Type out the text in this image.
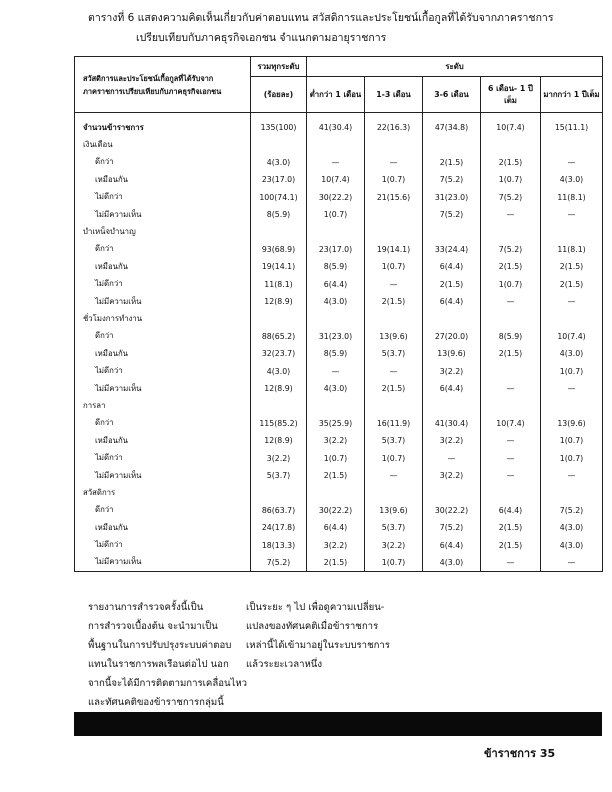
ตารางที่ 6 แสดงความคิดเห็นเกี่ยวกับค่าตอบแทน สวัสดิการและประโยชน์เกื้อกูลที่ได้รับจากภาคราชการ
เปรียบเทียบกับภาคธุรกิจเอกชน จำแนกตามอายุราชการ
สวัสดิการและประโยชน์เกื้อกูลที่ได้รับจาก
ภาคราชการเปรียบเทียบกับภาคธุรกิจเอกชน	รวมทุกระดับ	ระดับ				
	(ร้อยละ)	ต่ำกว่า 1 เดือน	1-3 เดือน	3-6 เดือน	6 เดือน- 1 ปีเต็ม	มากกว่า 1 ปีเต็ม

จำนวนข้าราชการ	135(100)	41(30.4)	22(16.3)	47(34.8)	10(7.4)	15(11.1)
เงินเดือน						
ดีกว่า	4(3.0)	—	—	2(1.5)	2(1.5)	—
เหมือนกัน	23(17.0)	10(7.4)	1(0.7)	7(5.2)	1(0.7)	4(3.0)
ไม่ดีกว่า	100(74.1)	30(22.2)	21(15.6)	31(23.0)	7(5.2)	11(8.1)
ไม่มีความเห็น	8(5.9)	1(0.7)		7(5.2)	—	—
บำเหน็จบำนาญ						
ดีกว่า	93(68.9)	23(17.0)	19(14.1)	33(24.4)	7(5.2)	11(8.1)
เหมือนกัน	19(14.1)	8(5.9)	1(0.7)	6(4.4)	2(1.5)	2(1.5)
ไม่ดีกว่า	11(8.1)	6(4.4)	—	2(1.5)	1(0.7)	2(1.5)
ไม่มีความเห็น	12(8.9)	4(3.0)	2(1.5)	6(4.4)	—	—
ชั่วโมงการทำงาน						
ดีกว่า	88(65.2)	31(23.0)	13(9.6)	27(20.0)	8(5.9)	10(7.4)
เหมือนกัน	32(23.7)	8(5.9)	5(3.7)	13(9.6)	2(1.5)	4(3.0)
ไม่ดีกว่า	4(3.0)	—	—	3(2.2)		1(0.7)
ไม่มีความเห็น	12(8.9)	4(3.0)	2(1.5)	6(4.4)	—	—
การลา						
ดีกว่า	115(85.2)	35(25.9)	16(11.9)	41(30.4)	10(7.4)	13(9.6)
เหมือนกัน	12(8.9)	3(2.2)	5(3.7)	3(2.2)	—	1(0.7)
ไม่ดีกว่า	3(2.2)	1(0.7)	1(0.7)	—	—	1(0.7)
ไม่มีความเห็น	5(3.7)	2(1.5)	—	3(2.2)	—	—
สวัสดิการ						
ดีกว่า	86(63.7)	30(22.2)	13(9.6)	30(22.2)	6(4.4)	7(5.2)
เหมือนกัน	24(17.8)	6(4.4)	5(3.7)	7(5.2)	2(1.5)	4(3.0)
ไม่ดีกว่า	18(13.3)	3(2.2)	3(2.2)	6(4.4)	2(1.5)	4(3.0)
ไม่มีความเห็น	7(5.2)	2(1.5)	1(0.7)	4(3.0)	—	—
รายงานการสำรวจครั้งนี้เป็น
การสำรวจเบื้องต้น จะนำมาเป็น
พื้นฐานในการปรับปรุงระบบค่าตอบ
แทนในราชการพลเรือนต่อไป นอก
จากนี้จะได้มีการติดตามการเคลื่อนไหว
และทัศนคติของข้าราชการกลุ่มนี้
เป็นระยะ ๆ ไป เพื่อดูความเปลี่ยน-
แปลงของทัศนคติเมื่อข้าราชการ
เหล่านี้ได้เข้ามาอยู่ในระบบราชการ
แล้วระยะเวลาหนึ่ง
ข้าราชการ 35
